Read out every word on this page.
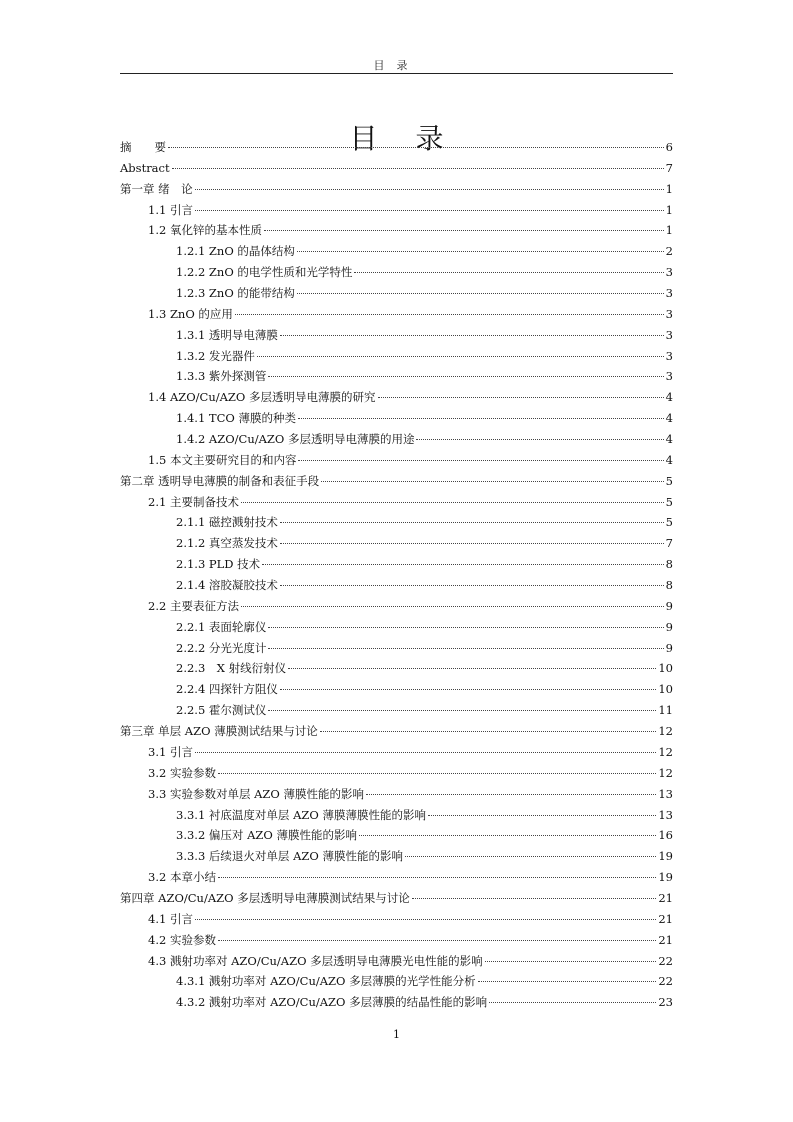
目录
目录
摘　　要	6
Abstract	7
第一章 绪　论	1
1.1 引言	1
1.2 氧化锌的基本性质	1
1.2.1 ZnO 的晶体结构	2
1.2.2 ZnO 的电学性质和光学特性	3
1.2.3 ZnO 的能带结构	3
1.3 ZnO 的应用	3
1.3.1 透明导电薄膜	3
1.3.2 发光器件	3
1.3.3 紫外探测管	3
1.4 AZO/Cu/AZO 多层透明导电薄膜的研究	4
1.4.1 TCO 薄膜的种类	4
1.4.2 AZO/Cu/AZO 多层透明导电薄膜的用途	4
1.5 本文主要研究目的和内容	4
第二章 透明导电薄膜的制备和表征手段	5
2.1 主要制备技术	5
2.1.1 磁控溅射技术	5
2.1.2 真空蒸发技术	7
2.1.3 PLD 技术	8
2.1.4 溶胶凝胶技术	8
2.2 主要表征方法	9
2.2.1 表面轮廓仪	9
2.2.2 分光光度计	9
2.2.3　X 射线衍射仪	10
2.2.4 四探针方阻仪	10
2.2.5 霍尔测试仪	11
第三章 单层 AZO 薄膜测试结果与讨论	12
3.1 引言	12
3.2 实验参数	12
3.3 实验参数对单层 AZO 薄膜性能的影响	13
3.3.1 衬底温度对单层 AZO 薄膜薄膜性能的影响	13
3.3.2 偏压对 AZO 薄膜性能的影响	16
3.3.3 后续退火对单层 AZO 薄膜性能的影响	19
3.2 本章小结	19
第四章 AZO/Cu/AZO 多层透明导电薄膜测试结果与讨论	21
4.1 引言	21
4.2 实验参数	21
4.3 溅射功率对 AZO/Cu/AZO 多层透明导电薄膜光电性能的影响	22
4.3.1 溅射功率对 AZO/Cu/AZO 多层薄膜的光学性能分析	22
4.3.2 溅射功率对 AZO/Cu/AZO 多层薄膜的结晶性能的影响	23
1
